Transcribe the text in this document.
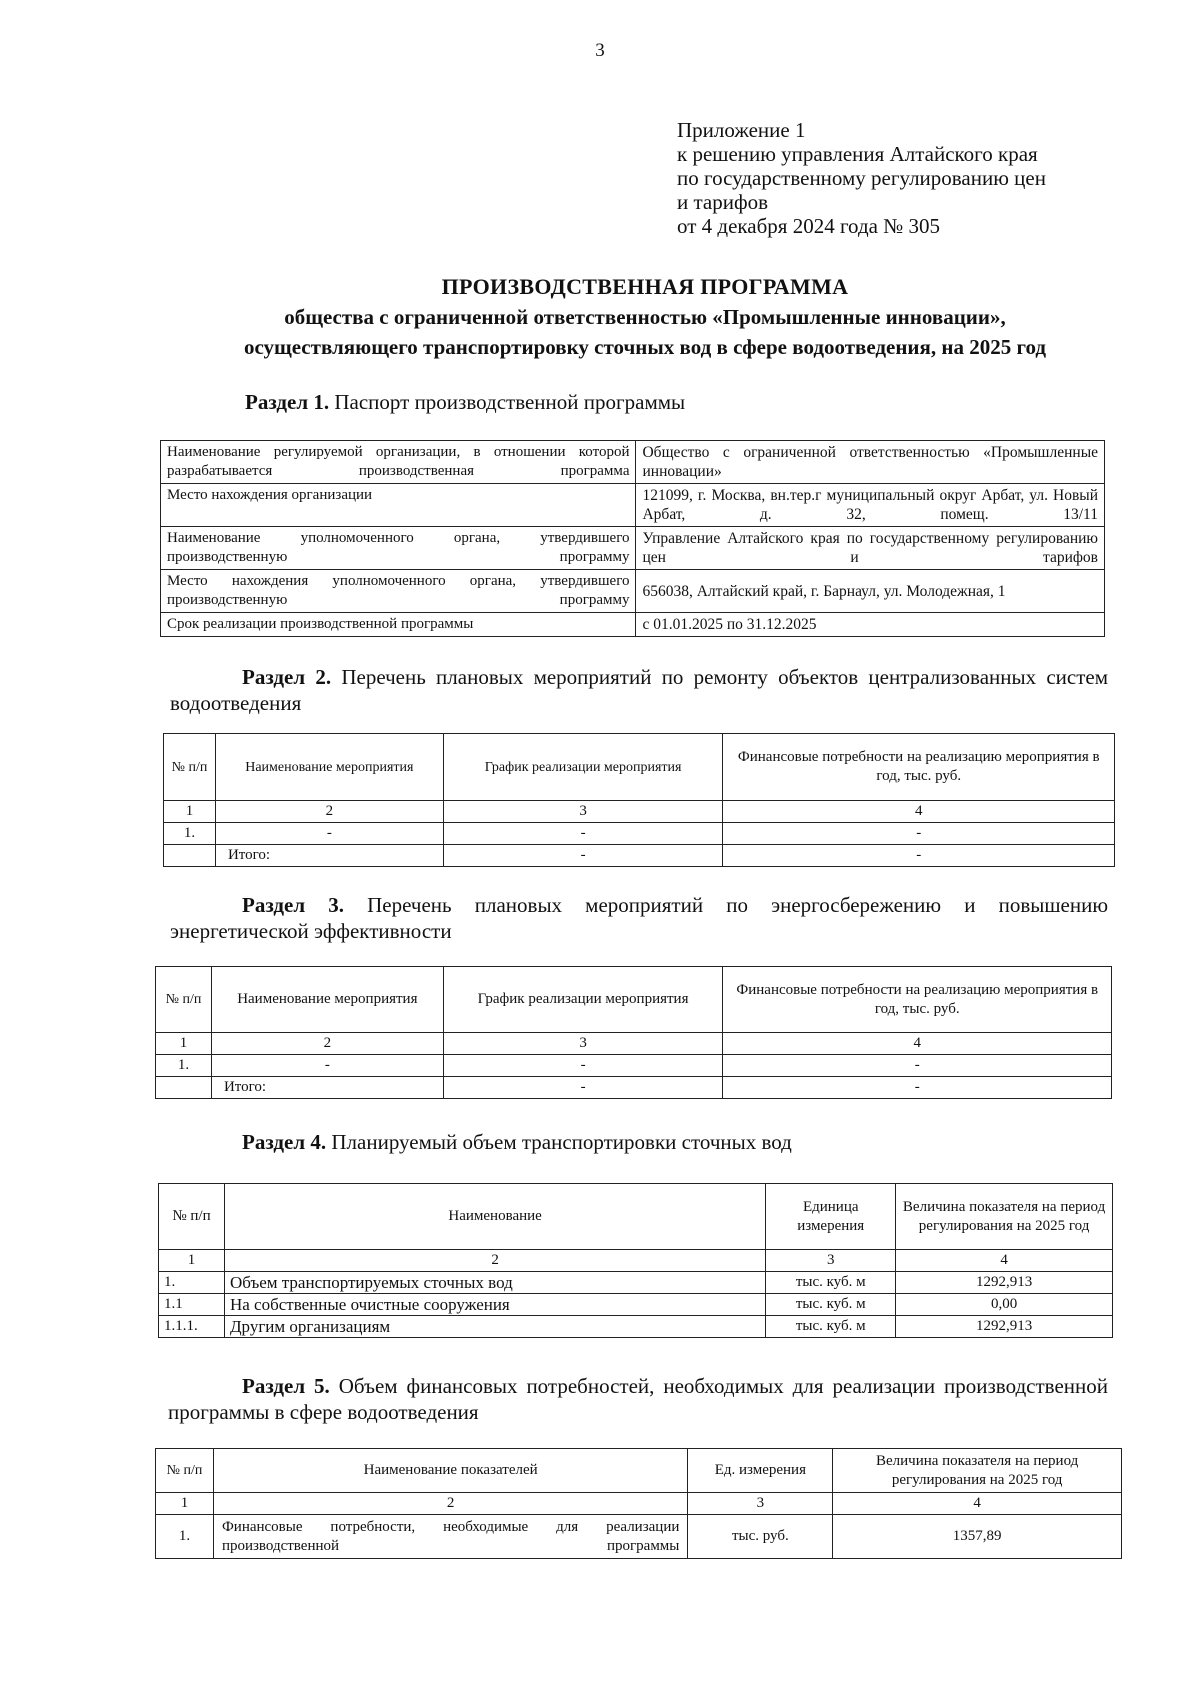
3
Приложение 1
к решению управления Алтайского края
по государственному регулированию цен
и тарифов
от 4 декабря 2024 года № 305
ПРОИЗВОДСТВЕННАЯ ПРОГРАММА
общества с ограниченной ответственностью «Промышленные инновации»,
осуществляющего транспортировку сточных вод в сфере водоотведения, на 2025 год
Раздел 1. Паспорт производственной программы
Наименование регулируемой организации, в отношении которой разрабатывается производственная программа	Общество с ограниченной ответственностью «Промышленные инновации»
Место нахождения организации	121099, г. Москва, вн.тер.г муниципальный округ Арбат, ул. Новый Арбат, д. 32, помещ. 13/11
Наименование уполномоченного органа, утвердившего производственную программу	Управление Алтайского края по государственному регулированию цен и тарифов
Место нахождения уполномоченного органа, утвердившего производственную программу	656038, Алтайский край, г. Барнаул, ул. Молодежная, 1
Срок реализации производственной программы	с 01.01.2025 по 31.12.2025
Раздел 2. Перечень плановых мероприятий по ремонту объектов централизованных систем водоотведения
№ п/п	Наименование мероприятия	График реализации мероприятия	Финансовые потребности на реализацию мероприятия в год, тыс. руб.
1	2	3	4
1.	-	-	-
	Итого:	-	-
Раздел 3. Перечень плановых мероприятий по энергосбережению и повышению энергетической эффективности
№ п/п	Наименование мероприятия	График реализации мероприятия	Финансовые потребности на реализацию мероприятия в год, тыс. руб.
1	2	3	4
1.	-	-	-
	Итого:	-	-
Раздел 4. Планируемый объем транспортировки сточных вод
№ п/п	Наименование	Единица измерения	Величина показателя на период регулирования на 2025 год
1	2	3	4
1.	Объем транспортируемых сточных вод	тыс. куб. м	1292,913
1.1	На собственные очистные сооружения	тыс. куб. м	0,00
1.1.1.	Другим организациям	тыс. куб. м	1292,913
Раздел 5. Объем финансовых потребностей, необходимых для реализации производственной программы в сфере водоотведения
№ п/п	Наименование показателей	Ед. измерения	Величина показателя на период регулирования на 2025 год
1	2	3	4
1.	Финансовые потребности, необходимые для реализации производственной программы	тыс. руб.	1357,89
